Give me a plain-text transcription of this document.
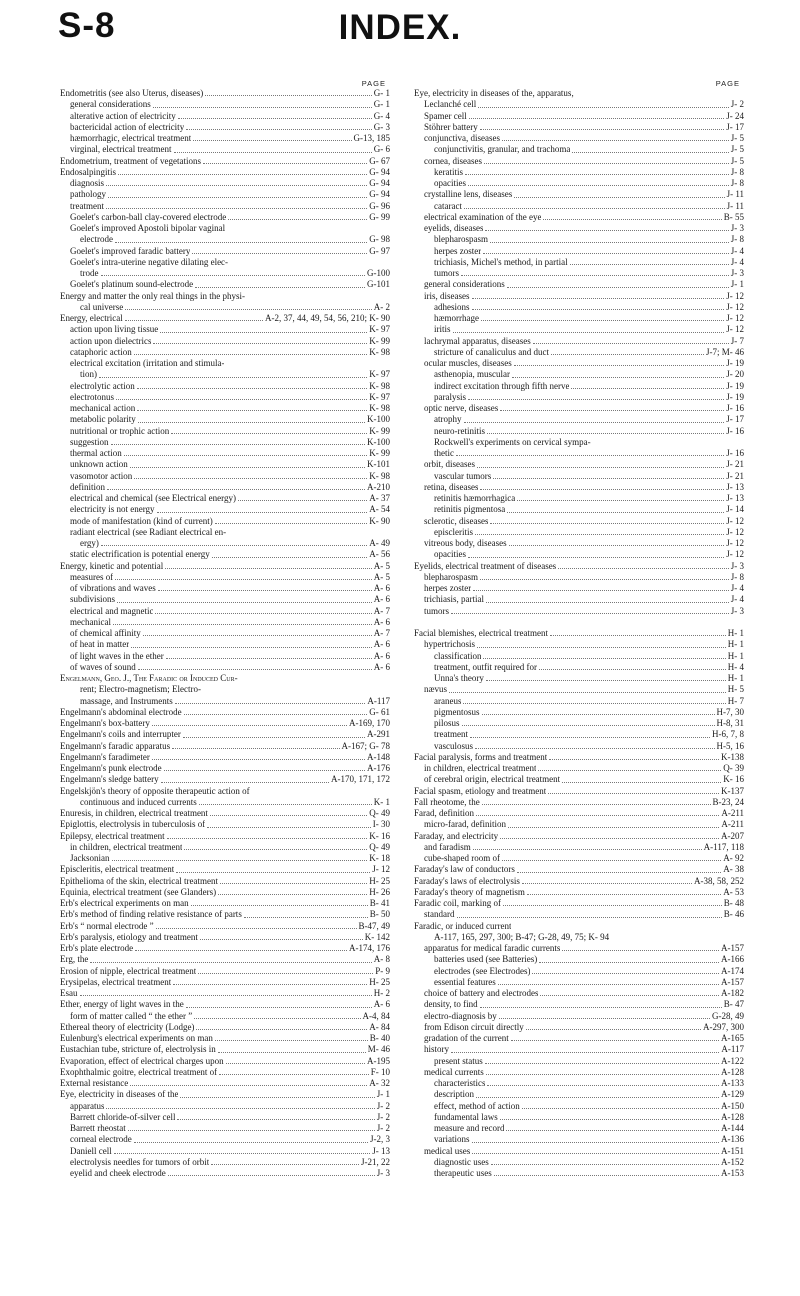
S-8	INDEX.
PAGE
Endometritis (see also Uterus, diseases)	G- 1
general considerations	G- 1
alterative action of electricity	G- 4
bactericidal action of electricity	G- 3
hæmorrhagic, electrical treatment	G-13, 185
virginal, electrical treatment	G- 6
Endometrium, treatment of vegetations	G- 67
Endosalpingitis	G- 94
diagnosis	G- 94
pathology	G- 94
treatment	G- 96
Goelet's carbon-ball clay-covered electrode	G- 99
Goelet's improved Apostoli bipolar vaginal
electrode	G- 98
Goelet's improved faradic battery	G- 97
Goelet's intra-uterine negative dilating elec-
trode	G-100
Goelet's platinum sound-electrode	G-101
Energy and matter the only real things in the physi-
cal universe	A- 2
Energy, electrical	A-2, 37, 44, 49, 54, 56, 210; K- 90
action upon living tissue	K- 97
action upon dielectrics	K- 99
cataphoric action	K- 98
electrical excitation (irritation and stimula-
tion)	K- 97
electrolytic action	K- 98
electrotonus	K- 97
mechanical action	K- 98
metabolic polarity	K-100
nutritional or trophic action	K- 99
suggestion	K-100
thermal action	K- 99
unknown action	K-101
vasomotor action	K- 98
definition	A-210
electrical and chemical (see Electrical energy)	A- 37
electricity is not energy	A- 54
mode of manifestation (kind of current)	K- 90
radiant electrical (see Radiant electrical en-
ergy)	A- 49
static electrification is potential energy	A- 56
Energy, kinetic and potential	A- 5
measures of	A- 5
of vibrations and waves	A- 6
subdivisions	A- 6
electrical and magnetic	A- 7
mechanical	A- 6
of chemical affinity	A- 7
of heat in matter	A- 6
of light waves in the ether	A- 6
of waves of sound	A- 6
Engelmann, Geo. J., The Faradic or Induced Cur-
rent; Electro-magnetism; Electro-
massage, and Instruments	A-117
Engelmann's abdominal electrode	G- 61
Engelmann's box-battery	A-169, 170
Engelmann's coils and interrupter	A-291
Engelmann's faradic apparatus	A-167; G- 78
Engelmann's faradimeter	A-148
Engelmann's punk electrode	A-176
Engelmann's sledge battery	A-170, 171, 172
Engelskjön's theory of opposite therapeutic action of
continuous and induced currents	K- 1
Enuresis, in children, electrical treatment	Q- 49
Epiglottis, electrolysis in tuberculosis of	I- 30
Epilepsy, electrical treatment	K- 16
in children, electrical treatment	Q- 49
Jacksonian	K- 18
Episcleritis, electrical treatment	J- 12
Epithelioma of the skin, electrical treatment	H- 25
Equinia, electrical treatment (see Glanders)	H- 26
Erb's electrical experiments on man	B- 41
Erb's method of finding relative resistance of parts	B- 50
Erb's “ normal electrode ”	B-47, 49
Erb's paralysis, etiology and treatment	K- 142
Erb's plate electrode	A-174, 176
Erg, the	A- 8
Erosion of nipple, electrical treatment	P- 9
Erysipelas, electrical treatment	H- 25
Esau	H- 2
Ether, energy of light waves in the	A- 6
form of matter called “ the ether ”	A-4, 84
Ethereal theory of electricity (Lodge)	A- 84
Eulenburg's electrical experiments on man	B- 40
Eustachian tube, stricture of, electrolysis in	M- 46
Evaporation, effect of electrical charges upon	A-195
Exophthalmic goitre, electrical treatment of	F- 10
External resistance	A- 32
Eye, electricity in diseases of the	J- 1
apparatus	J- 2
Barrett chloride-of-silver cell	J- 2
Barrett rheostat	J- 2
corneal electrode	J-2, 3
Daniell cell	J- 13
electrolysis needles for tumors of orbit	J-21, 22
eyelid and cheek electrode	J- 3
PAGE
Eye, electricity in diseases of the, apparatus,
Leclanché cell	J- 2
Spamer cell	J- 24
Stöhrer battery	J- 17
conjunctiva, diseases	J- 5
conjunctivitis, granular, and trachoma	J- 5
cornea, diseases	J- 5
keratitis	J- 8
opacities	J- 8
crystalline lens, diseases	J- 11
cataract	J- 11
electrical examination of the eye	B- 55
eyelids, diseases	J- 3
blepharospasm	J- 8
herpes zoster	J- 4
trichiasis, Michel's method, in partial	J- 4
tumors	J- 3
general considerations	J- 1
iris, diseases	J- 12
adhesions	J- 12
hæmorrhage	J- 12
iritis	J- 12
lachrymal apparatus, diseases	J- 7
stricture of canaliculus and duct	J-7; M- 46
ocular muscles, diseases	J- 19
asthenopia, muscular	J- 20
indirect excitation through fifth nerve	J- 19
paralysis	J- 19
optic nerve, diseases	J- 16
atrophy	J- 17
neuro-retinitis	J- 16
Rockwell's experiments on cervical sympa-
thetic	J- 16
orbit, diseases	J- 21
vascular tumors	J- 21
retina, diseases	J- 13
retinitis hæmorrhagica	J- 13
retinitis pigmentosa	J- 14
sclerotic, diseases	J- 12
episcleritis	J- 12
vitreous body, diseases	J- 12
opacities	J- 12
Eyelids, electrical treatment of diseases	J- 3
blepharospasm	J- 8
herpes zoster	J- 4
trichiasis, partial	J- 4
tumors	J- 3
Facial blemishes, electrical treatment	H- 1
hypertrichosis	H- 1
classification	H- 1
treatment, outfit required for	H- 4
Unna's theory	H- 1
nævus	H- 5
araneus	H- 7
pigmentosus	H-7, 30
pilosus	H-8, 31
treatment	H-6, 7, 8
vasculosus	H-5, 16
Facial paralysis, forms and treatment	K-138
in children, electrical treatment	Q- 39
of cerebral origin, electrical treatment	K- 16
Facial spasm, etiology and treatment	K-137
Fall rheotome, the	B-23, 24
Farad, definition	A-211
micro-farad, definition	A-211
Faraday, and electricity	A-207
and faradism	A-117, 118
cube-shaped room of	A- 92
Faraday's law of conductors	A- 38
Faraday's laws of electrolysis	A-38, 58, 252
Faraday's theory of magnetism	A- 53
Faradic coil, marking of	B- 48
standard	B- 46
Faradic, or induced current
A-117, 165, 297, 300; B-47; G-28, 49, 75; K- 94
apparatus for medical faradic currents	A-157
batteries used (see Batteries)	A-166
electrodes (see Electrodes)	A-174
essential features	A-157
choice of battery and electrodes	A-182
density, to find	B- 47
electro-diagnosis by	G-28, 49
from Edison circuit directly	A-297, 300
gradation of the current	A-165
history	A-117
present status	A-122
medical currents	A-128
characteristics	A-133
description	A-129
effect, method of action	A-150
fundamental laws	A-128
measure and record	A-144
variations	A-136
medical uses	A-151
diagnostic uses	A-152
therapeutic uses	A-153
